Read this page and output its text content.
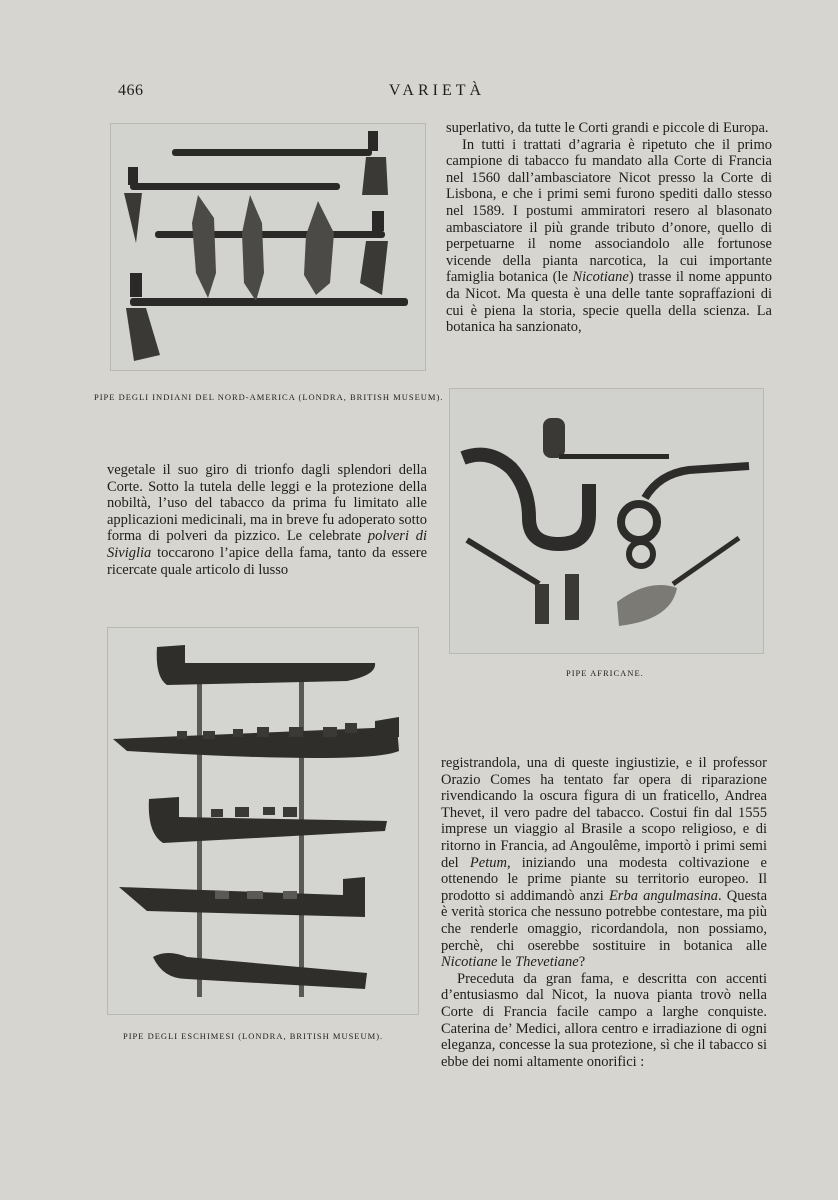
466	VARIETÀ
PIPE DEGLI INDIANI DEL NORD-AMERICA (LONDRA, BRITISH MUSEUM).

superlativo, da tutte le Corti grandi e piccole di Europa.

In tutti i trattati d’agraria è ripetuto che il primo campione di tabacco fu mandato alla Corte di Francia nel 1560 dall’ambasciatore Nicot presso la Corte di Lisbona, e che i primi semi furono spediti dallo stesso nel 1589. I postumi ammiratori resero al blasonato ambasciatore il più grande tributo d’onore, quello di perpetuarne il nome associandolo alle fortunose vicende della pianta narcotica, la cui importante famiglia botanica (le Nicotiane) trasse il nome appunto da Nicot. Ma questa è una delle tante sopraffazioni di cui è piena la storia, specie quella della scienza. La botanica ha sanzionato,

PIPE AFRICANE.

vegetale il suo giro di trionfo dagli splendori della Corte. Sotto la tutela delle leggi e la protezione della nobiltà, l’uso del tabacco da prima fu limitato alle applicazioni medicinali, ma in breve fu adoperato sotto forma di polveri da pizzico. Le celebrate polveri di Siviglia toccarono l’apice della fama, tanto da essere ricercate quale articolo di lusso

PIPE DEGLI ESCHIMESI (LONDRA, BRITISH MUSEUM).

registrandola, una di queste ingiustizie, e il professor Orazio Comes ha tentato far opera di riparazione rivendicando la oscura figura di un fraticello, Andrea Thevet, il vero padre del tabacco. Costui fin dal 1555 imprese un viaggio al Brasile a scopo religioso, e di ritorno in Francia, ad Angoulême, importò i primi semi del Petum, iniziando una modesta coltivazione e ottenendo le prime piante su territorio europeo. Il prodotto si addimandò anzi Erba angulmasina. Questa è verità storica che nessuno potrebbe contestare, ma più che renderle omaggio, ricordandola, non possiamo, perchè, chi oserebbe sostituire in botanica alle Nicotiane le Thevetiane?

Preceduta da gran fama, e descritta con accenti d’entusiasmo dal Nicot, la nuova pianta trovò nella Corte di Francia facile campo a larghe conquiste. Caterina de’ Medici, allora centro e irradiazione di ogni eleganza, concesse la sua protezione, sì che il tabacco si ebbe dei nomi altamente onorifici :
